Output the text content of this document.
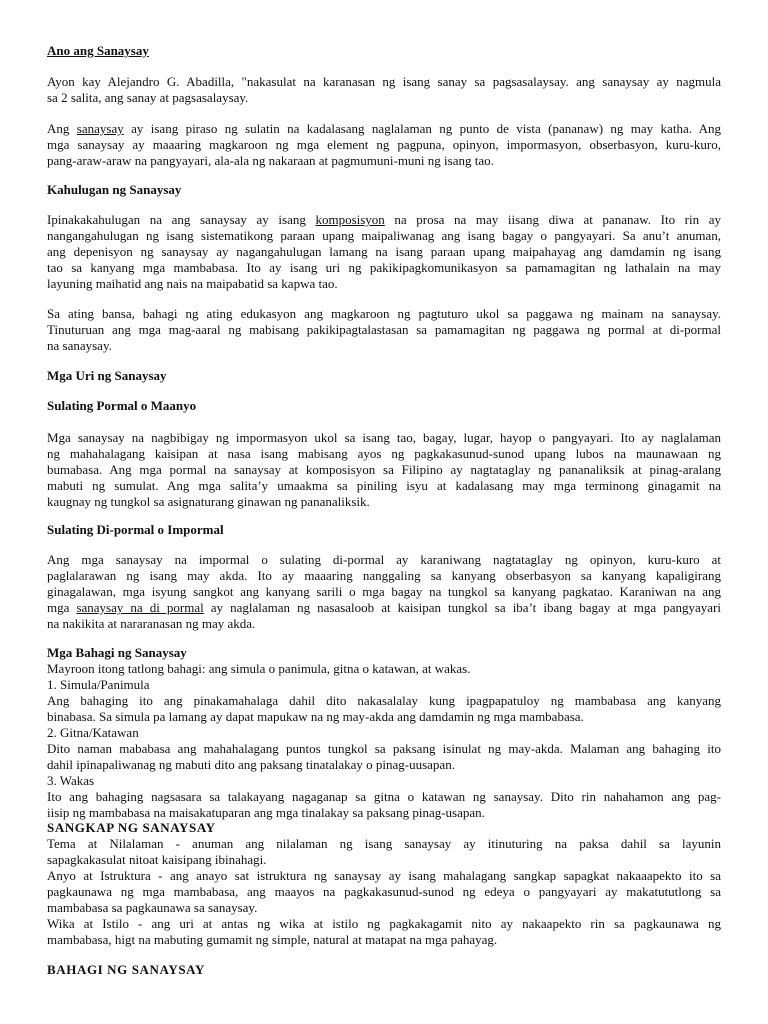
Ano ang Sanaysay
Ayon kay Alejandro G. Abadilla, "nakasulat na karanasan ng isang sanay sa pagsasalaysay. ang sanaysay ay nagmula
sa 2 salita, ang sanay at pagsasalaysay.
Ang sanaysay ay isang piraso ng sulatin na kadalasang naglalaman ng punto de vista (pananaw) ng may katha. Ang
mga sanaysay ay maaaring magkaroon ng mga element ng pagpuna, opinyon, impormasyon, obserbasyon, kuru-kuro,
pang-araw-araw na pangyayari, ala-ala ng nakaraan at pagmumuni-muni ng isang tao.
Kahulugan ng Sanaysay
Ipinakakahulugan na ang sanaysay ay isang komposisyon na prosa na may iisang diwa at pananaw. Ito rin ay
nangangahulugan ng isang sistematikong paraan upang maipaliwanag ang isang bagay o pangyayari. Sa anu’t anuman,
ang depenisyon ng sanaysay ay nagangahulugan lamang na isang paraan upang maipahayag ang damdamin ng isang
tao sa kanyang mga mambabasa. Ito ay isang uri ng pakikipagkomunikasyon sa pamamagitan ng lathalain na may
layuning maihatid ang nais na maipabatid sa kapwa tao.
Sa ating bansa, bahagi ng ating edukasyon ang magkaroon ng pagtuturo ukol sa paggawa ng mainam na sanaysay.
Tinuturuan ang mga mag-aaral ng mabisang pakikipagtalastasan sa pamamagitan ng paggawa ng pormal at di-pormal
na sanaysay.
Mga Uri ng Sanaysay
Sulating Pormal o Maanyo
Mga sanaysay na nagbibigay ng impormasyon ukol sa isang tao, bagay, lugar, hayop o pangyayari. Ito ay naglalaman
ng mahahalagang kaisipan at nasa isang mabisang ayos ng pagkakasunud-sunod upang lubos na maunawaan ng
bumabasa. Ang mga pormal na sanaysay at komposisyon sa Filipino ay nagtataglay ng pananaliksik at pinag-aralang
mabuti ng sumulat. Ang mga salita’y umaakma sa piniling isyu at kadalasang may mga terminong ginagamit na
kaugnay ng tungkol sa asignaturang ginawan ng pananaliksik.
Sulating Di-pormal o Impormal
Ang mga sanaysay na impormal o sulating di-pormal ay karaniwang nagtataglay ng opinyon, kuru-kuro at
paglalarawan ng isang may akda. Ito ay maaaring nanggaling sa kanyang obserbasyon sa kanyang kapaligirang
ginagalawan, mga isyung sangkot ang kanyang sarili o mga bagay na tungkol sa kanyang pagkatao. Karaniwan na ang
mga sanaysay na di pormal ay naglalaman ng nasasaloob at kaisipan tungkol sa iba’t ibang bagay at mga pangyayari
na nakikita at nararanasan ng may akda.
Mga Bahagi ng Sanaysay
Mayroon itong tatlong bahagi: ang simula o panimula, gitna o katawan, at wakas.
1. Simula/Panimula
Ang bahaging ito ang pinakamahalaga dahil dito nakasalalay kung ipagpapatuloy ng mambabasa ang kanyang
binabasa. Sa simula pa lamang ay dapat mapukaw na ng may-akda ang damdamin ng mga mambabasa.
2. Gitna/Katawan
Dito naman mababasa ang mahahalagang puntos tungkol sa paksang isinulat ng may-akda. Malaman ang bahaging ito
dahil ipinapaliwanag ng mabuti dito ang paksang tinatalakay o pinag-uusapan.
3. Wakas
Ito ang bahaging nagsasara sa talakayang nagaganap sa gitna o katawan ng sanaysay. Dito rin nahahamon ang pag-
iisip ng mambabasa na maisakatuparan ang mga tinalakay sa paksang pinag-usapan.
SANGKAP NG SANAYSAY
Tema at Nilalaman - anuman ang nilalaman ng isang sanaysay ay itinuturing na paksa dahil sa layunin
sapagkakasulat nitoat kaisipang ibinahagi.
Anyo at Istruktura - ang anayo sat istruktura ng sanaysay ay isang mahalagang sangkap sapagkat nakaaapekto ito sa
pagkaunawa ng mga mambabasa, ang maayos na pagkakasunud-sunod ng edeya o pangyayari ay makatututlong sa
mambabasa sa pagkaunawa sa sanaysay.
Wika at Istilo - ang uri at antas ng wika at istilo ng pagkakagamit nito ay nakaapekto rin sa pagkaunawa ng
mambabasa, higt na mabuting gumamit ng simple, natural at matapat na mga pahayag.
BAHAGI NG SANAYSAY
